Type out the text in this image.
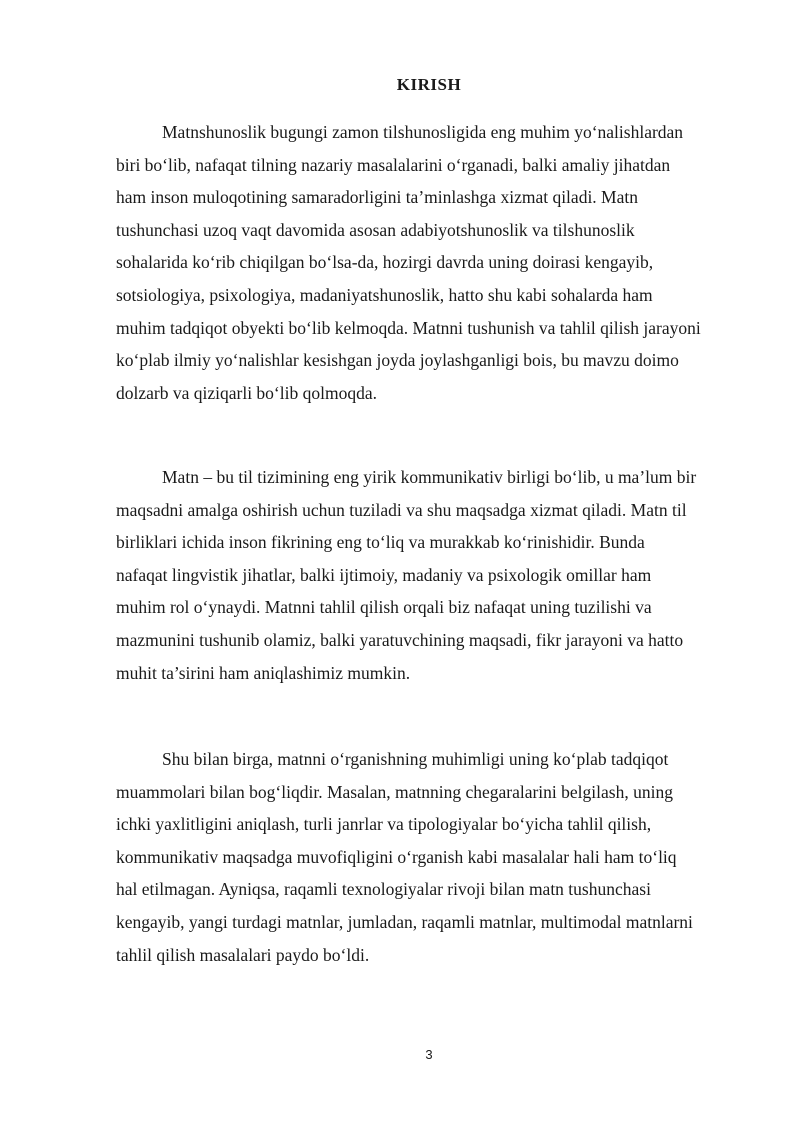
KIRISH

Matnshunoslik bugungi zamon tilshunosligida eng muhim yo‘nalishlardan
biri bo‘lib, nafaqat tilning nazariy masalalarini o‘rganadi, balki amaliy jihatdan
ham inson muloqotining samaradorligini ta’minlashga xizmat qiladi. Matn
tushunchasi uzoq vaqt davomida asosan adabiyotshunoslik va tilshunoslik
sohalarida ko‘rib chiqilgan bo‘lsa-da, hozirgi davrda uning doirasi kengayib,
sotsiologiya, psixologiya, madaniyatshunoslik, hatto shu kabi sohalarda ham
muhim tadqiqot obyekti bo‘lib kelmoqda. Matnni tushunish va tahlil qilish jarayoni
ko‘plab ilmiy yo‘nalishlar kesishgan joyda joylashganligi bois, bu mavzu doimo
dolzarb va qiziqarli bo‘lib qolmoqda.

Matn – bu til tizimining eng yirik kommunikativ birligi bo‘lib, u ma’lum bir
maqsadni amalga oshirish uchun tuziladi va shu maqsadga xizmat qiladi. Matn til
birliklari ichida inson fikrining eng to‘liq va murakkab ko‘rinishidir. Bunda
nafaqat lingvistik jihatlar, balki ijtimoiy, madaniy va psixologik omillar ham
muhim rol o‘ynaydi. Matnni tahlil qilish orqali biz nafaqat uning tuzilishi va
mazmunini tushunib olamiz, balki yaratuvchining maqsadi, fikr jarayoni va hatto
muhit ta’sirini ham aniqlashimiz mumkin.

Shu bilan birga, matnni o‘rganishning muhimligi uning ko‘plab tadqiqot
muammolari bilan bog‘liqdir. Masalan, matnning chegaralarini belgilash, uning
ichki yaxlitligini aniqlash, turli janrlar va tipologiyalar bo‘yicha tahlil qilish,
kommunikativ maqsadga muvofiqligini o‘rganish kabi masalalar hali ham to‘liq
hal etilmagan. Ayniqsa, raqamli texnologiyalar rivoji bilan matn tushunchasi
kengayib, yangi turdagi matnlar, jumladan, raqamli matnlar, multimodal matnlarni
tahlil qilish masalalari paydo bo‘ldi.

3
